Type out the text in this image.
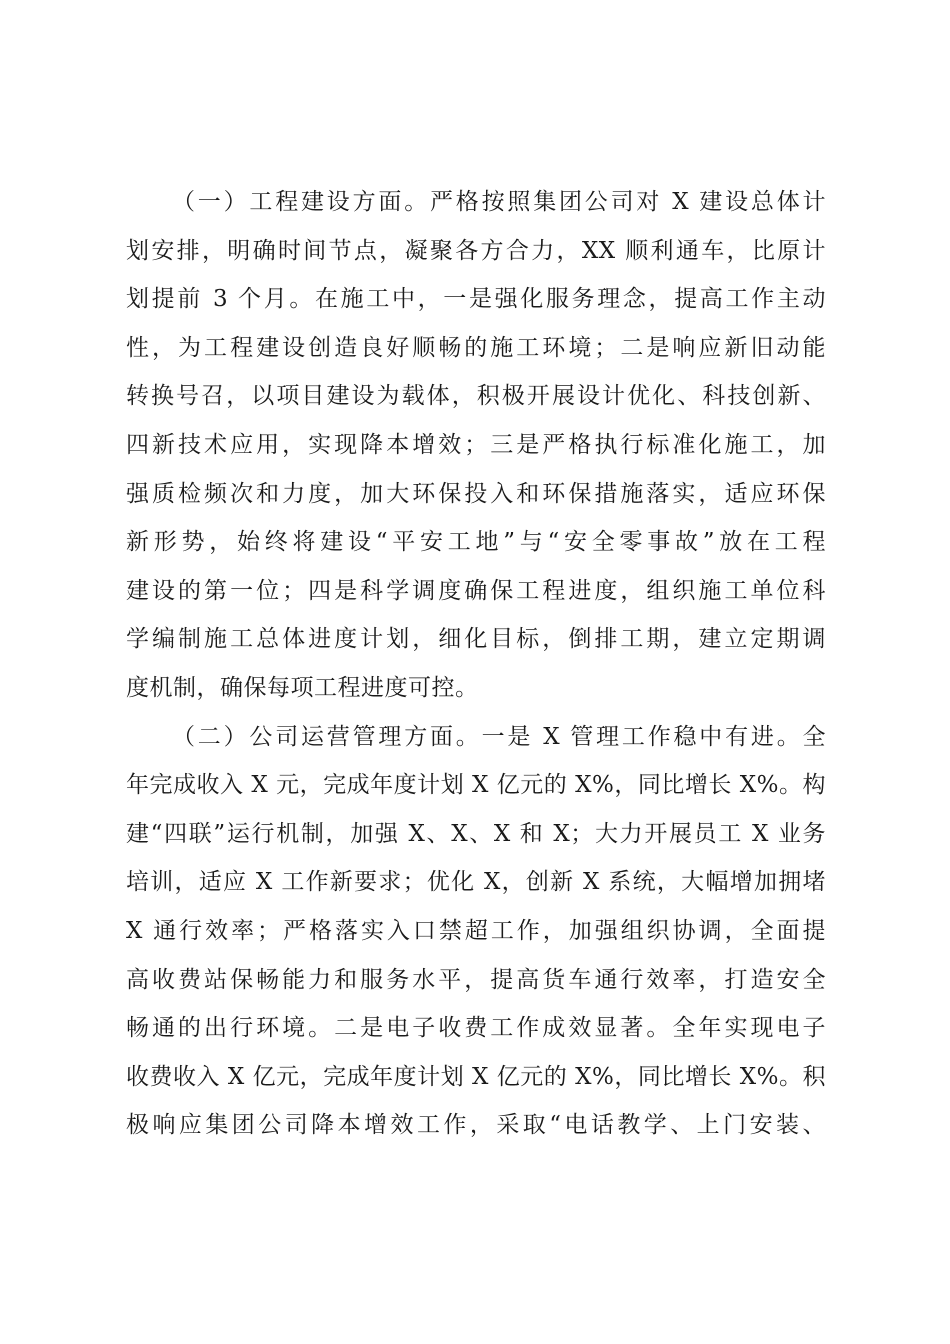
（一）工程建设方面。严格按照集团公司对 X 建设总体计
划安排，明确时间节点，凝聚各方合力，XX 顺利通车，比原计
划提前 3 个月。在施工中，一是强化服务理念，提高工作主动
性，为工程建设创造良好顺畅的施工环境；二是响应新旧动能
转换号召，以项目建设为载体，积极开展设计优化、科技创新、
四新技术应用，实现降本增效；三是严格执行标准化施工，加
强质检频次和力度，加大环保投入和环保措施落实，适应环保
新形势，始终将建设“平安工地”与“安全零事故”放在工程
建设的第一位；四是科学调度确保工程进度，组织施工单位科
学编制施工总体进度计划，细化目标，倒排工期，建立定期调
度机制，确保每项工程进度可控。
（二）公司运营管理方面。一是 X 管理工作稳中有进。全
年完成收入 X 元，完成年度计划 X 亿元的 X%，同比增长 X%。构
建“四联”运行机制，加强 X、X、X 和 X；大力开展员工 X 业务
培训，适应 X 工作新要求；优化 X，创新 X 系统，大幅增加拥堵
X 通行效率；严格落实入口禁超工作，加强组织协调，全面提
高收费站保畅能力和服务水平，提高货车通行效率，打造安全
畅通的出行环境。二是电子收费工作成效显著。全年实现电子
收费收入 X 亿元，完成年度计划 X 亿元的 X%，同比增长 X%。积
极响应集团公司降本增效工作，采取“电话教学、上门安装、
